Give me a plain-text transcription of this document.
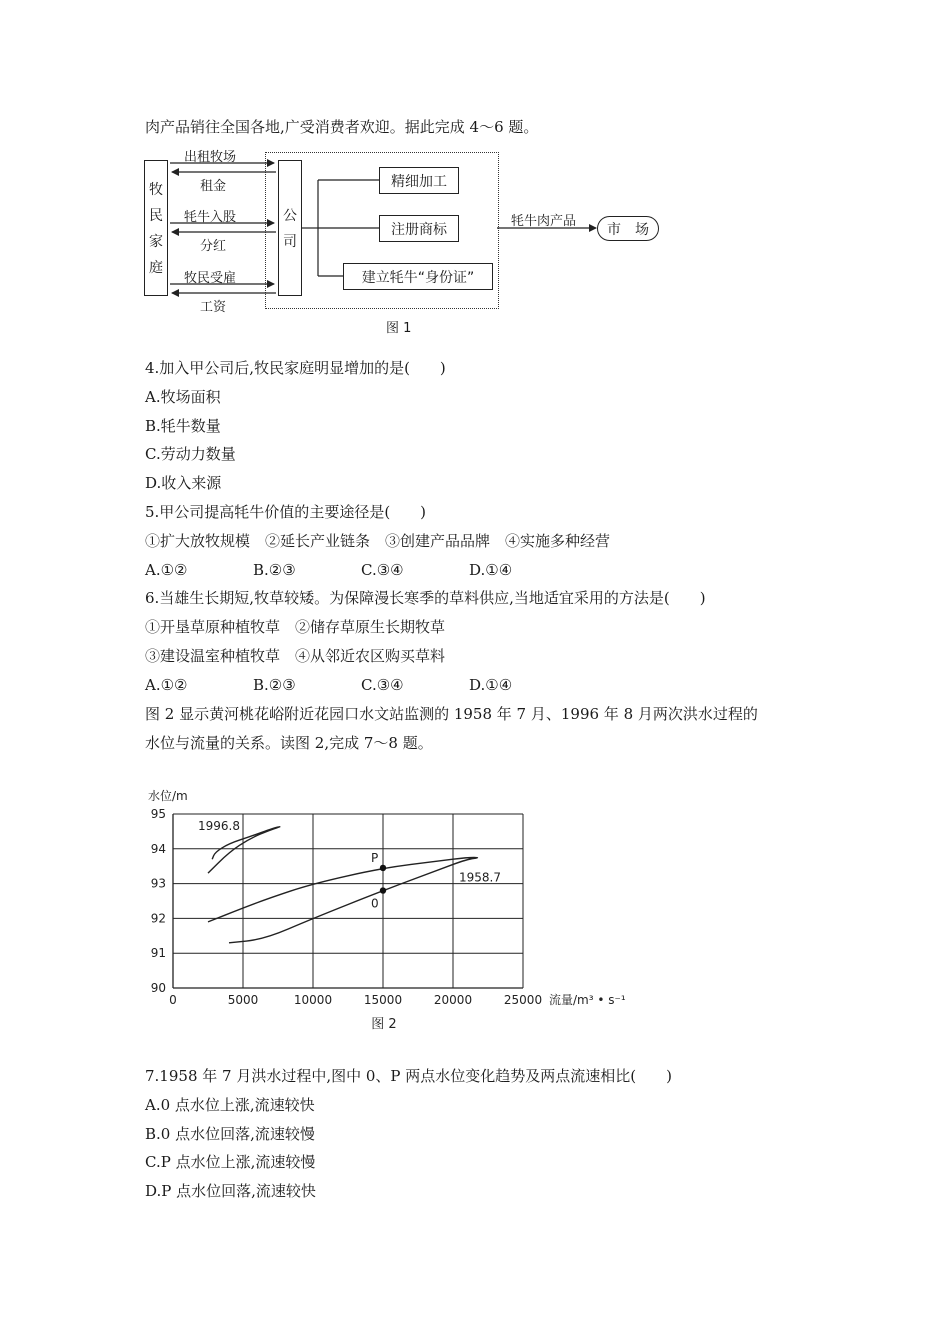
肉产品销往全国各地,广受消费者欢迎。据此完成 4～6 题。
牧
民
家
庭
公
司
出租牧场
租金
牦牛入股
分红
牧民受雇
工资
精细加工
注册商标
建立牦牛“身份证”
牦牛肉产品	市　场
图 1
4.加入甲公司后,牧民家庭明显增加的是(　　)
A.牧场面积
B.牦牛数量
C.劳动力数量
D.收入来源
5.甲公司提高牦牛价值的主要途径是(　　)
①扩大放牧规模　②延长产业链条　③创建产品品牌　④实施多种经营
A.①②	B.②③	C.③④	D.①④
6.当雄生长期短,牧草较矮。为保障漫长寒季的草料供应,当地适宜采用的方法是(　　)
①开垦草原种植牧草　②储存草原生长期牧草
③建设温室种植牧草　④从邻近农区购买草料
A.①②	B.②③	C.③④	D.①④
图 2 显示黄河桃花峪附近花园口水文站监测的 1958 年 7 月、1996 年 8 月两次洪水过程的
水位与流量的关系。读图 2,完成 7～8 题。
0	5000	10000	15000	20000	25000
90
91
92
93
94
95
水位/m
流量/m³ • s⁻¹
1958.7
1996.8
P
0
图 2
7.1958 年 7 月洪水过程中,图中 0、P 两点水位变化趋势及两点流速相比(　　)
A.0 点水位上涨,流速较快
B.0 点水位回落,流速较慢
C.P 点水位上涨,流速较慢
D.P 点水位回落,流速较快
